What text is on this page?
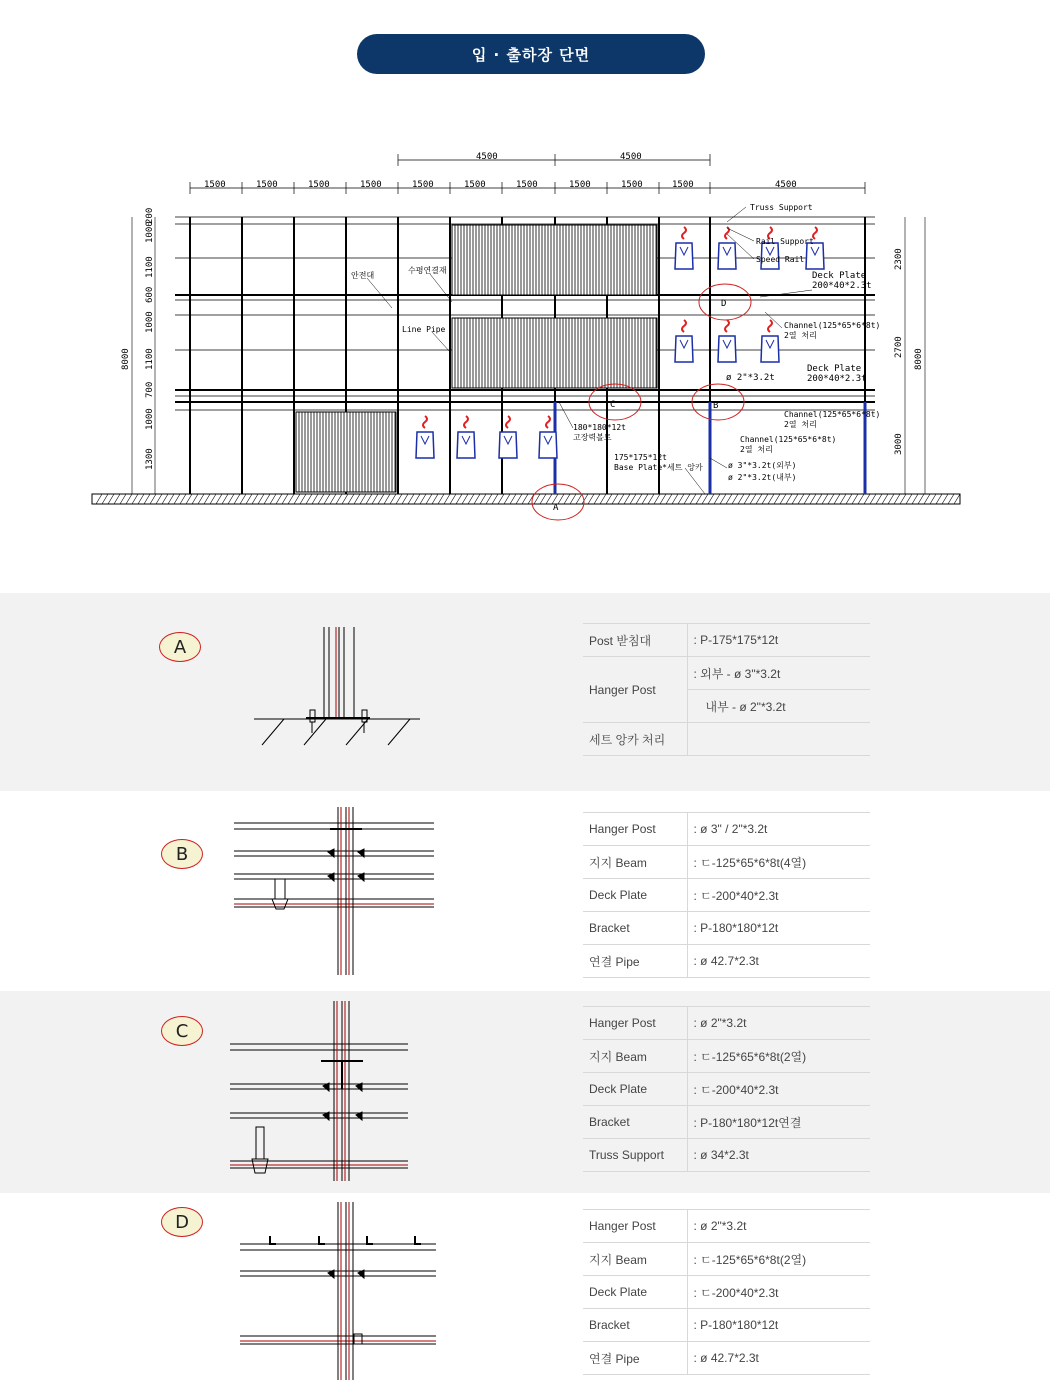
입 · 출하장 단면
4500	4500
1500	1500	1500	1500	1500	1500	1500	1500	1500	1500	4500
200
1000
1100
600
1000
1100
700
1000
1300
8000
2300
2700
3000
8000
Truss Support
Rail Support
Speed Rail
Deck Plate
200*40*2.3t
Channel(125*65*6*8t)
2열 처리
Deck Plate
200*40*2.3t
ø 2"*3.2t
Channel(125*65*6*8t)
2열 처리
Channel(125*65*6*8t)
2열 처리
ø 3"*3.2t(외부)
ø 2"*3.2t(내부)
안전대
수평연결재
Line Pipe
180*180*12t
고장력볼트
175*175*12t
Base Plate*세트 앙카
D
C	B
A
A	Post 받침대	: P-175*175*12t
Hanger Post	: 외부 - ø 3"*3.2t
	내부 - ø 2"*3.2t
세트 앙카 처리	
B
Hanger Post	: ø 3" / 2"*3.2t
지지 Beam	: ㄷ-125*65*6*8t(4열)
Deck Plate	: ㄷ-200*40*2.3t
Bracket	: P-180*180*12t
연결 Pipe	: ø 42.7*2.3t
C	Hanger Post	: ø 2"*3.2t
지지 Beam	: ㄷ-125*65*6*8t(2열)
Deck Plate	: ㄷ-200*40*2.3t
Bracket	: P-180*180*12t연결
Truss Support	: ø 34*2.3t
D	Hanger Post	: ø 2"*3.2t
지지 Beam	: ㄷ-125*65*6*8t(2열)
Deck Plate	: ㄷ-200*40*2.3t
Bracket	: P-180*180*12t
연결 Pipe	: ø 42.7*2.3t
